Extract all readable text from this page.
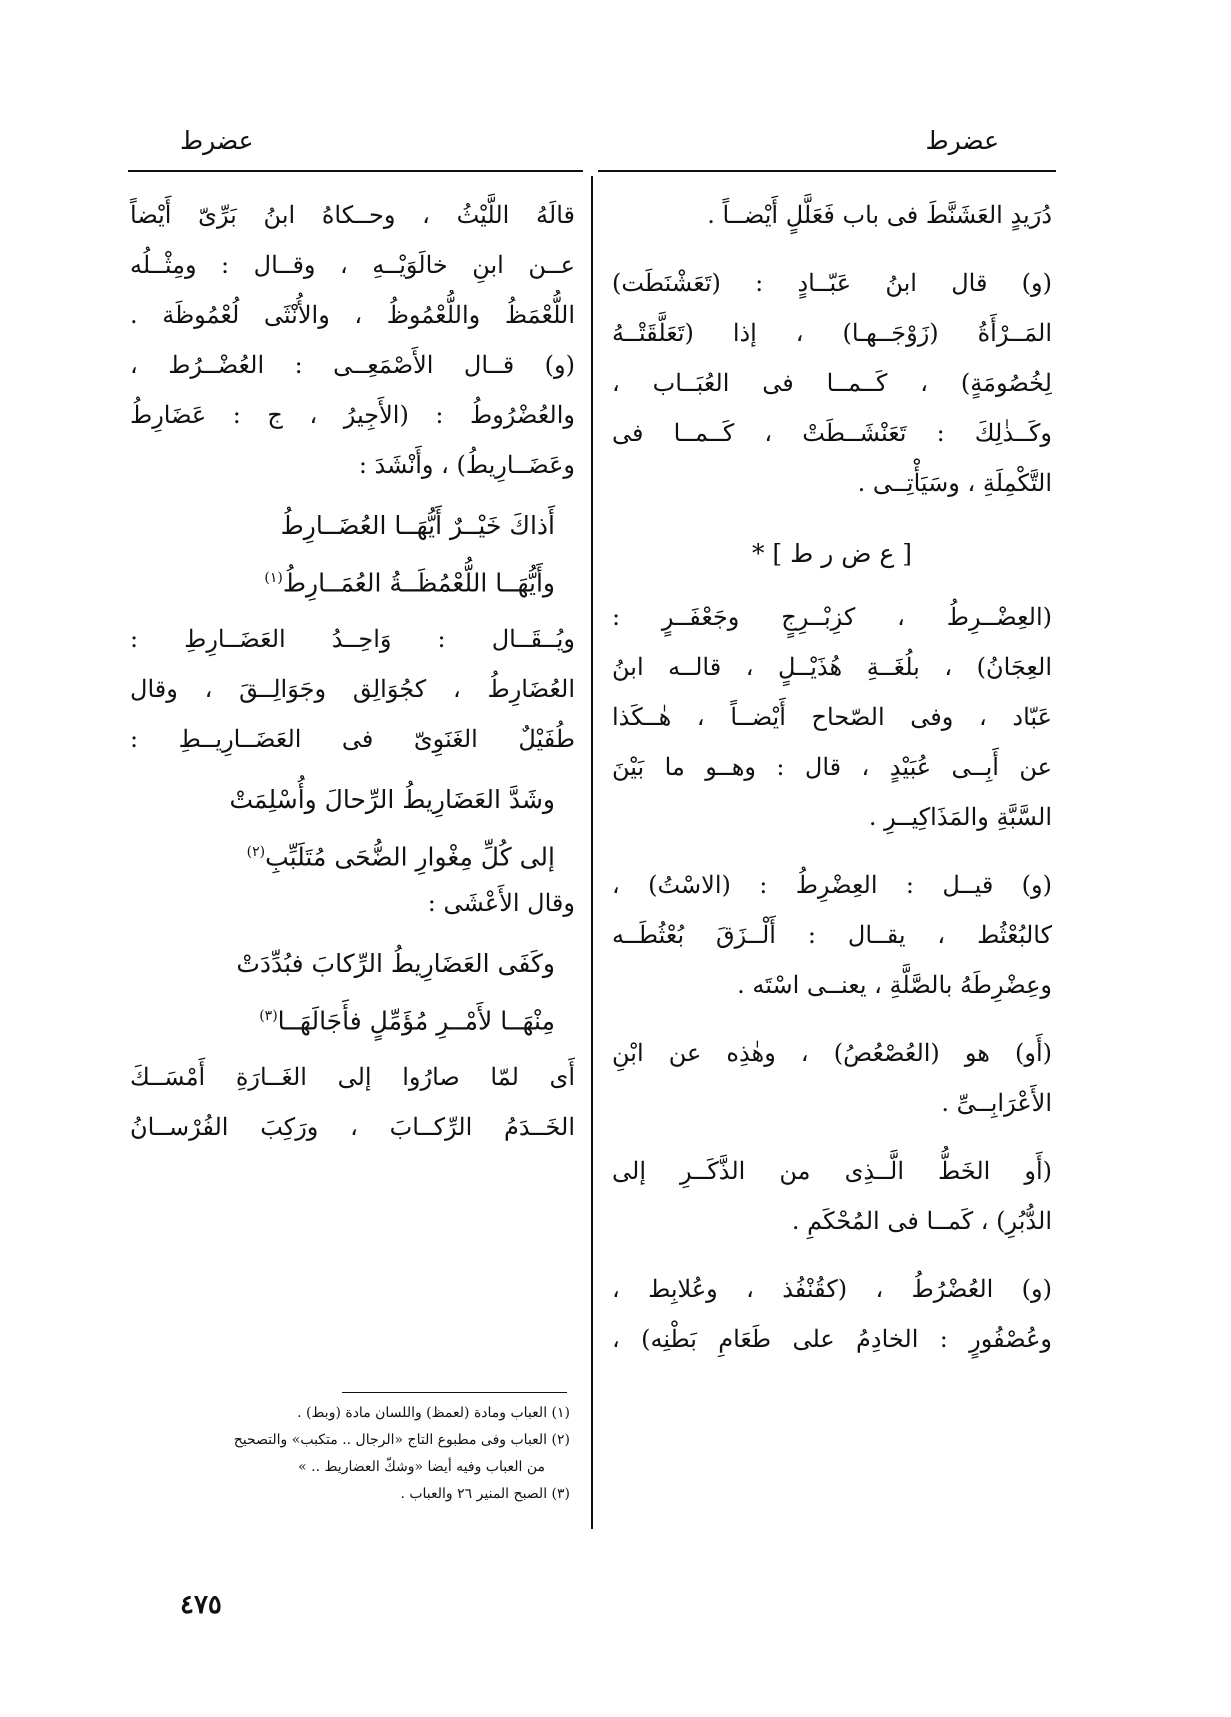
عضرط	عضرط
دُرَيدٍ العَشَنَّطَ فى باب فَعَلَّلٍ أَيْضــاً .
(و) قال ابنُ عَبّــادٍ : (تَعَشْنَطَت)
المَــرْأَةُ (زَوْجَــهـا) ، إذا (تَعَلَّقَتْــهُ
لِخُصُومَةٍ) ، كَــمــا فى العُبَــاب ،
وكَــذٰلِكَ : تَعَنْشَــطَتْ ، كَــمــا فى
التَّكْمِلَةِ ، وسَيَأْتِــى .
[ ع ض ر ط ] *
(العِضْــرِطُ ، كزِبْــرِجٍ وجَعْفَــرٍ :
العِجَانُ) ، بلُغَــةِ هُذَيْــلٍ ، قالــه ابنُ
عَبّاد ، وفى الصّحاح أَيْضــاً ، هٰــكَذا
عن أَبِــى عُبَيْدٍ ، قال : وهــو ما بَيْنَ
السَّبَّةِ والمَذَاكِيــرِ .
(و) قيــل : العِضْرِطُ : (الاسْتُ) ،
كالبُعْثُط ، يقــال : أَلْــزَقَ بُعْثُطَــه
وعِضْرِطَهُ بالصَّلَّةِ ، يعنــى اسْتَه .
(أَو) هو (العُصْعُصُ) ، وهٰذِه عن ابْنِ
الأَعْرَابِــىِّ .
(أَو الخَطُّ الَّــذِى من الذَّكَــرِ إلى
الدُّبُرِ) ، كَمــا فى المُحْكَمِ .
(و) العُضْرُطُ ، (كقُنْفُذ ، وعُلابِط ،
وعُصْفُورٍ : الخادِمُ على طَعَامِ بَطْنِه) ،
قالَهُ اللَّيْثُ ، وحــكاهُ ابنُ بَرِّىّ أَيْضاً
عــن ابنِ خالَوَيْــهِ ، وقــال : ومِثْــلُه
اللُّعْمَظُ واللُّعْمُوظُ ، والأُنْثَى لُعْمُوظَة .
(و) قــال الأَصْمَعِــى : العُضْــرُط ،
والعُضْرُوطُ : (الأَجِيرُ ، ج : عَضَارِطُ
وعَضَــارِيطُ) ، وأَنْشَدَ :
أَذاكَ خَيْــرٌ أَيُّهَــا العُضَــارِطُ
وأَيُّهَــا اللُّعْمُظَــةُ العُمَــارِطُ$^{(١)}$
ويُــقَــال : وَاحِــدُ العَضَــارِطِ :
العُضَارِطُ ، كجُوَالِق وجَوَالِــقَ ، وقال
طُفَيْلٌ الغَنَوِىّ فى العَضَــارِيــطِ :
وشَدَّ العَضَارِيطُ الرِّحالَ وأُسْلِمَتْ
إلى كُلِّ مِغْوارِ الضُّحَى مُتَلَبِّبِ$^{(٢)}$
وقال الأَعْشَى :
وكَفَى العَضَارِيطُ الرِّكابَ فبُدِّدَتْ
مِنْهَــا لأَمْــرِ مُؤَمِّلٍ فأَجَالَهَــا$^{(٣)}$
أَى لمّا صارُوا إلى الغَــارَةِ أَمْسَــكَ
الخَــدَمُ الرِّكــابَ ، ورَكِبَ الفُرْســانُ
(١) العباب ومادة (لعمظ) واللسان مادة (وبط) .
(٢) العباب وفى مطبوع التاج «الرجال .. متكبب» والتصحيح
من العباب وفيه أيضا «وشكّ العضاريط .. »
(٣) الصبح المنير ٢٦ والعباب .
٤٧٥
